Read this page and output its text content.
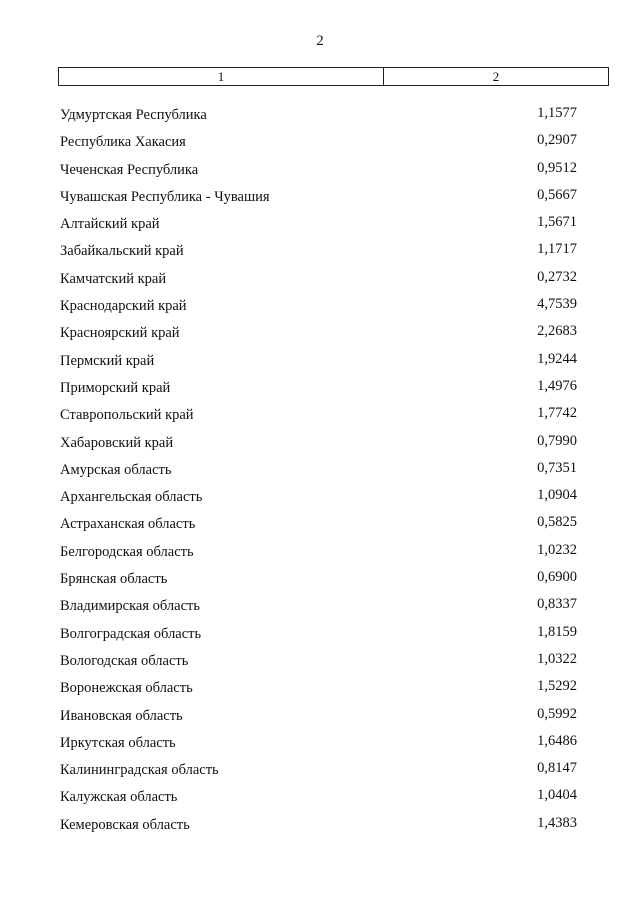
2
1	2
Удмуртская Республика	1,1577
Республика Хакасия	0,2907
Чеченская Республика	0,9512
Чувашская Республика - Чувашия	0,5667
Алтайский край	1,5671
Забайкальский край	1,1717
Камчатский край	0,2732
Краснодарский край	4,7539
Красноярский край	2,2683
Пермский край	1,9244
Приморский край	1,4976
Ставропольский край	1,7742
Хабаровский край	0,7990
Амурская область	0,7351
Архангельская область	1,0904
Астраханская область	0,5825
Белгородская область	1,0232
Брянская область	0,6900
Владимирская область	0,8337
Волгоградская область	1,8159
Вологодская область	1,0322
Воронежская область	1,5292
Ивановская область	0,5992
Иркутская область	1,6486
Калининградская область	0,8147
Калужская область	1,0404
Кемеровская область	1,4383
